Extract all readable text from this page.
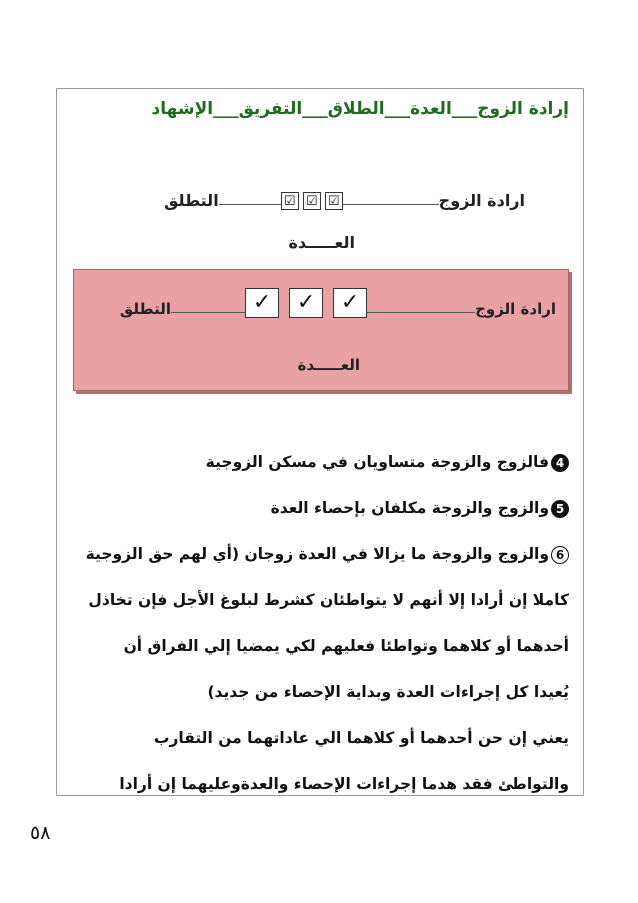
إرادة الزوج___العدة___الطلاق___التفريق___الإشهاد
ارادة الزوج
☑ ☑ ☑
التطلق
العـــــدة
ارادة الزوج
✓	✓	✓
التطلق
العـــــدة
4فالزوج والزوجة متساويان في مسكن الزوجية
5والزوج والزوجة مكلفان بإحصاء العدة
6والزوج والزوجة ما يزالا في العدة زوجان (أي لهم حق الزوجية
كاملا إن أرادا إلا أنهم لا يتواطئان كشرط لبلوغ الأجل فإن تخاذل
أحدهما أو كلاهما وتواطئا فعليهم لكي يمضيا إلي الفراق أن
يُعيدا كل إجراءات العدة وبداية الإحصاء من جديد)
يعني إن حن أحدهما أو كلاهما الي عاداتهما من التقارب
والتواطئ فقد هدما إجراءات الإحصاء والعدةوعليهما إن أرادا
٥٨
